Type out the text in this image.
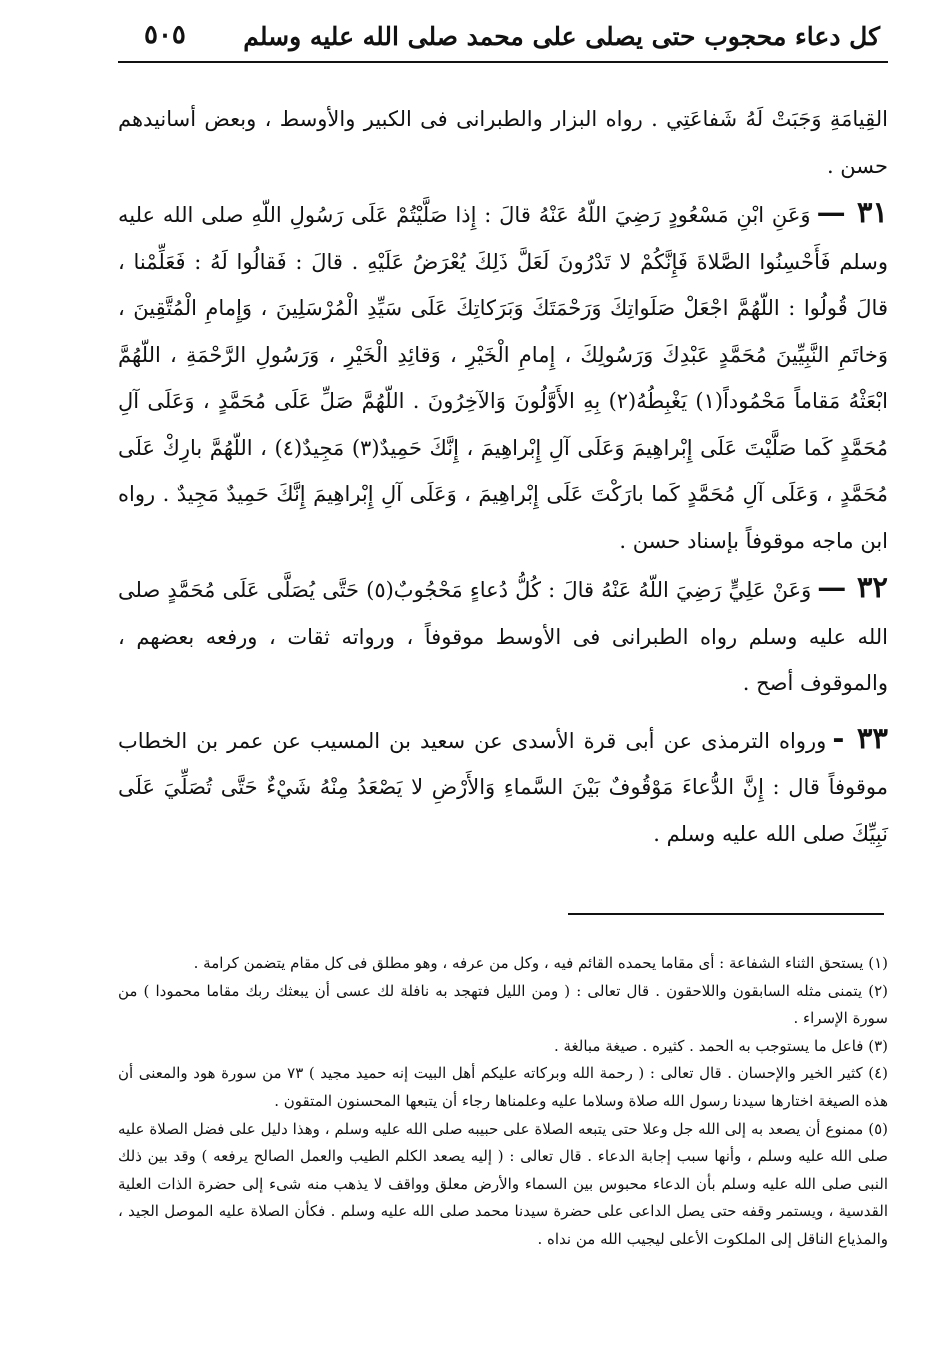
كل دعاء محجوب حتى يصلى على محمد صلى الله عليه وسلم
٥٠٥

القِيامَةِ وَجَبَتْ لَهُ شَفاعَتِي . رواه البزار والطبرانى فى الكبير والأوسط ، وبعض أسانيدهم حسن .

٣١ —وَعَنِ ابْنِ مَسْعُودٍ رَضِيَ اللّهُ عَنْهُ قالَ : إِذا صَلَّيْتُمْ عَلَى رَسُولِ اللّهِ صلى الله عليه وسلم فَأَحْسِنُوا الصَّلاةَ فَإِنَّكُمْ لا تَدْرُونَ لَعَلَّ ذَلِكَ يُعْرَضُ عَلَيْهِ . قالَ : فَقالُوا لَهُ : فَعَلِّمْنا ، قالَ قُولُوا : اللّهُمَّ اجْعَلْ صَلَواتِكَ وَرَحْمَتَكَ وَبَرَكاتِكَ عَلَى سَيِّدِ الْمُرْسَلِينَ ، وَإِمامِ الْمُتَّقِينَ ، وَخاتَمِ النَّبِيِّينَ مُحَمَّدٍ عَبْدِكَ وَرَسُولِكَ ، إِمامِ الْخَيْرِ ، وَقائِدِ الْخَيْرِ ، وَرَسُولِ الرَّحْمَةِ ، اللّهُمَّ ابْعَثْهُ مَقاماً مَحْمُوداً(١) يَغْبِطُهُ(٢) بِهِ الأَوَّلُونَ وَالآخِرُونَ . اللّهُمَّ صَلِّ عَلَى مُحَمَّدٍ ، وَعَلَى آلِ مُحَمَّدٍ كَما صَلَّيْتَ عَلَى إِبْراهِيمَ وَعَلَى آلِ إِبْراهِيمَ ، إِنَّكَ حَمِيدٌ(٣) مَجِيدٌ(٤) ، اللّهُمَّ بارِكْ عَلَى مُحَمَّدٍ ، وَعَلَى آلِ مُحَمَّدٍ كَما بارَكْتَ عَلَى إِبْراهِيمَ ، وَعَلَى آلِ إِبْراهِيمَ إِنَّكَ حَمِيدٌ مَجِيدٌ . رواه ابن ماجه موقوفاً بإسناد حسن .

٣٢ —وَعَنْ عَلِيٍّ رَضِيَ اللّهُ عَنْهُ قالَ : كُلُّ دُعاءٍ مَحْجُوبٌ(٥) حَتَّى يُصَلَّى عَلَى مُحَمَّدٍ صلى الله عليه وسلم رواه الطبرانى فى الأوسط موقوفاً ، ورواته ثقات ، ورفعه بعضهم ، والموقوف أصح .

٣٣ -ورواه الترمذى عن أبى قرة الأسدى عن سعيد بن المسيب عن عمر بن الخطاب موقوفاً قال : إِنَّ الدُّعاءَ مَوْقُوفٌ بَيْنَ السَّماءِ وَالأَرْضِ لا يَصْعَدُ مِنْهُ شَيْءٌ حَتَّى تُصَلِّيَ عَلَى نَبِيِّكَ صلى الله عليه وسلم .

(١) يستحق الثناء الشفاعة : أى مقاما يحمده القائم فيه ، وكل من عرفه ، وهو مطلق فى كل مقام يتضمن كرامة .

(٢) يتمنى مثله السابقون واللاحقون . قال تعالى : ( ومن الليل فتهجد به نافلة لك عسى أن يبعثك ربك مقاما محمودا ) من سورة الإسراء .

(٣) فاعل ما يستوجب به الحمد . كثيره . صيغة مبالغة .

(٤) كثير الخير والإحسان . قال تعالى : ( رحمة الله وبركاته عليكم أهل البيت إنه حميد مجيد ) ٧٣ من سورة هود والمعنى أن هذه الصيغة اختارها سيدنا رسول الله صلاة وسلاما عليه وعلمناها رجاء أن يتبعها المحسنون المتقون .

(٥) ممنوع أن يصعد به إلى الله جل وعلا حتى يتبعه الصلاة على حبيبه صلى الله عليه وسلم ، وهذا دليل على فضل الصلاة عليه صلى الله عليه وسلم ، وأنها سبب إجابة الدعاء . قال تعالى : ( إليه يصعد الكلم الطيب والعمل الصالح يرفعه ) وقد بين ذلك النبى صلى الله عليه وسلم بأن الدعاء محبوس بين السماء والأرض معلق وواقف لا يذهب منه شىء إلى حضرة الذات العلية القدسية ، ويستمر وقفه حتى يصل الداعى على حضرة سيدنا محمد صلى الله عليه وسلم . فكأن الصلاة عليه الموصل الجيد ، والمذياع الناقل إلى الملكوت الأعلى ليجيب الله من نداه .
